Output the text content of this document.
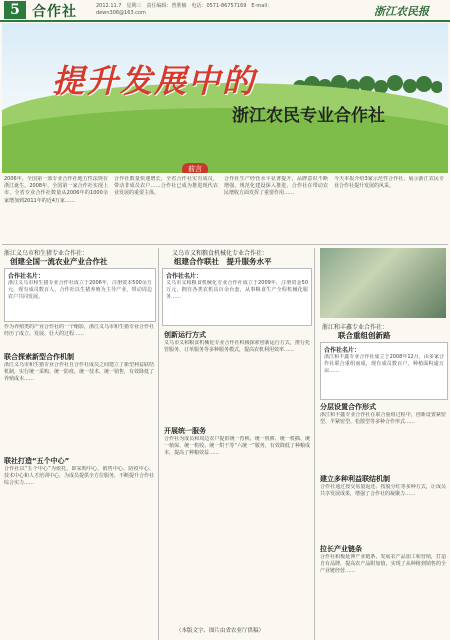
5 合作社	2012.11.7　星期三　责任编辑：曾胜楠　电话：0571-86757169　E-mail：dewn306@163.com	浙江农民报
提升发展中的
浙江农民专业合作社
前言
2006年，全国第一部专业合作社地方性法规在浙江诞生。2008年，全国第一家合作社实现上市，全省专业合作社数量从2006年的1000余家增加到2011年的近4万家……
合作社数量快速增长，全省合作社实有成员，带动非成员农户……合作社已成为推进现代农业发展的重要主体。
合作社生产经营水平显著提升，品牌意识不断增强，规范化建设深入推进，合作社在带动农民增收方面发挥了重要作用……
今天本报介绍3家示范性合作社，展示浙江农民专业合作社提升发展的风采。
浙江义乌市和生猪专业合作社：
创建全国一流农业产业合作社
合作社名片：
浙江义乌市和生猪专业合作社成立于2006年，注册资本500余万元，现有成员数百人，合作社以生猪养殖为主导产业，带动周边农户共同发展。
作为养殖类的产业合作社的一个缩影，浙江义乌市和生猪专业合作社经历了成立、发展、壮大的过程……
联合探索新型合作机制
浙江义乌市和生猪专业合作社自合作社成员之间建立了新型利益联结机制，实行统一采购、统一防疫、统一技术、统一销售，有效降低了养殖成本……
联社打造“五个中心”
合作社以“五个中心”为依托，即采购中心、销售中心、防疫中心、技术中心和人才培训中心，为成员提供全方位服务，不断提升合作社综合实力……
义乌市义和粮食机械化专业合作社：
组建合作联社　提升服务水平
合作社名片：
义乌市义和粮食机械化专业合作社成立于2009年，注册资金50万元，拥有各类农机具百余台套，从事粮食生产全程机械化服务……
创新运行方式
义乌市义和粮食机械化专业合作社积极探索创新运行方式，推行托管服务、订单服务等多种服务模式，提高农机利用效率……
开展统一服务
合作社为成员和周边农户提供统一育秧、统一机耕、统一机插、统一植保、统一机收、统一烘干等“六统一”服务，有效降低了种粮成本，提高了种粮效益……
（本版文字、图片由省农业厅供稿）
浙江和丰鑫专业合作社：
联合重组创新路
合作社名片：
浙江和丰鑫专业合作社成立于2008年12月，由多家合作社联合重组而成，现有成员数百户，种植面积逾万亩……
分层设置合作形式
浙江和丰鑫专业合作社在联合重组过程中，创新设置紧密型、半紧密型、松散型等多种合作形式……
建立多种利益联结机制
合作社通过按交易量返还、按股分红等多种方式，让成员共享发展成果，增强了合作社的凝聚力……
拉长产业链条
合作社积极延伸产业链条，发展农产品加工和营销，打造自有品牌，提高农产品附加值，实现了从种植到销售的全产业链经营……
